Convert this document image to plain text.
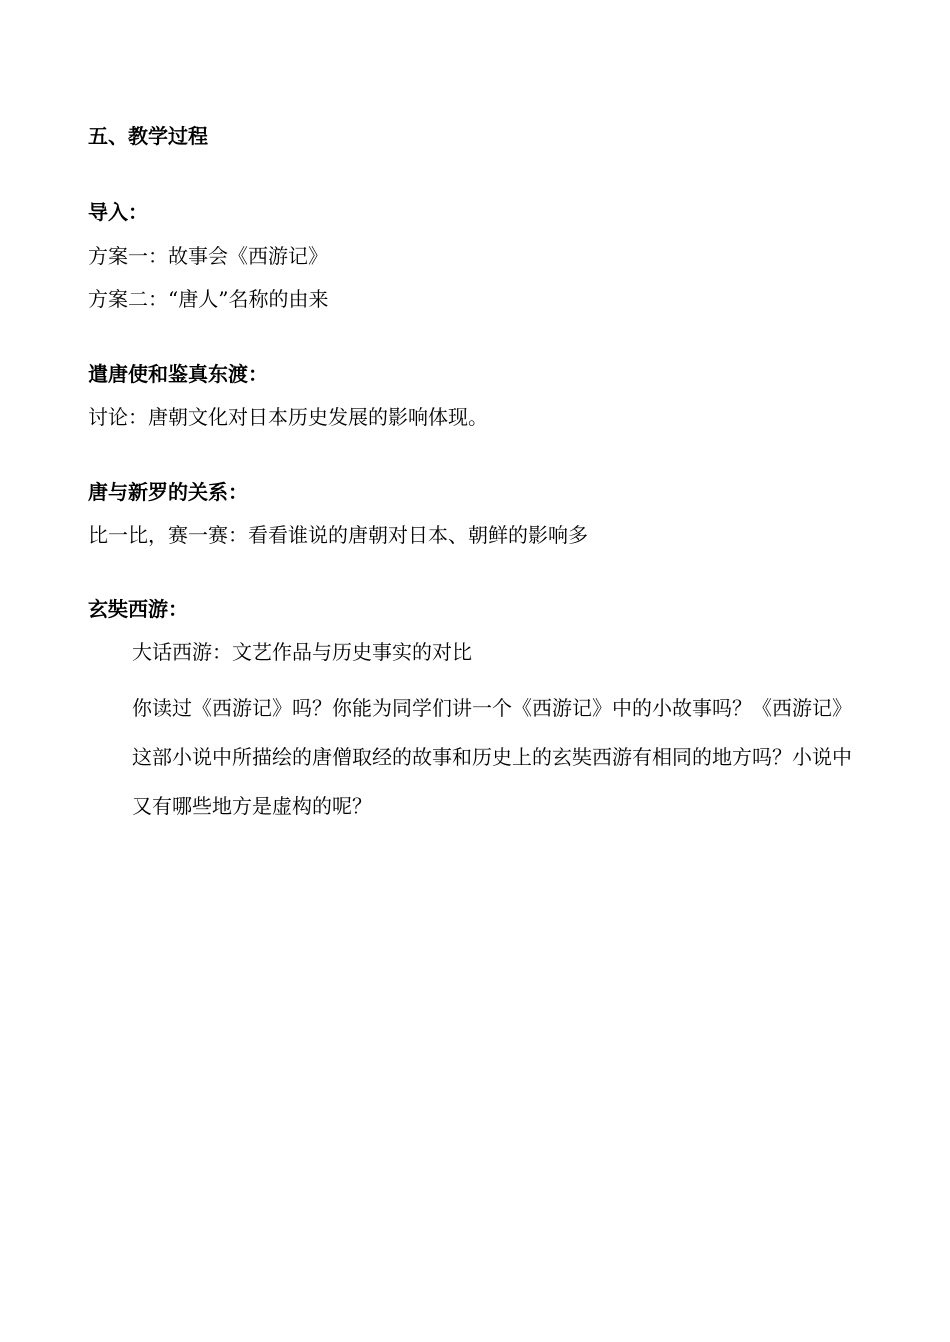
五、教学过程

导入：

方案一：故事会《西游记》

方案二：“唐人”名称的由来

遣唐使和鉴真东渡：

讨论：唐朝文化对日本历史发展的影响体现。

唐与新罗的关系：

比一比，赛一赛：看看谁说的唐朝对日本、朝鲜的影响多

玄奘西游：

大话西游：文艺作品与历史事实的对比

你读过《西游记》吗？你能为同学们讲一个《西游记》中的小故事吗？《西游记》这部小说中所描绘的唐僧取经的故事和历史上的玄奘西游有相同的地方吗？小说中又有哪些地方是虚构的呢？
